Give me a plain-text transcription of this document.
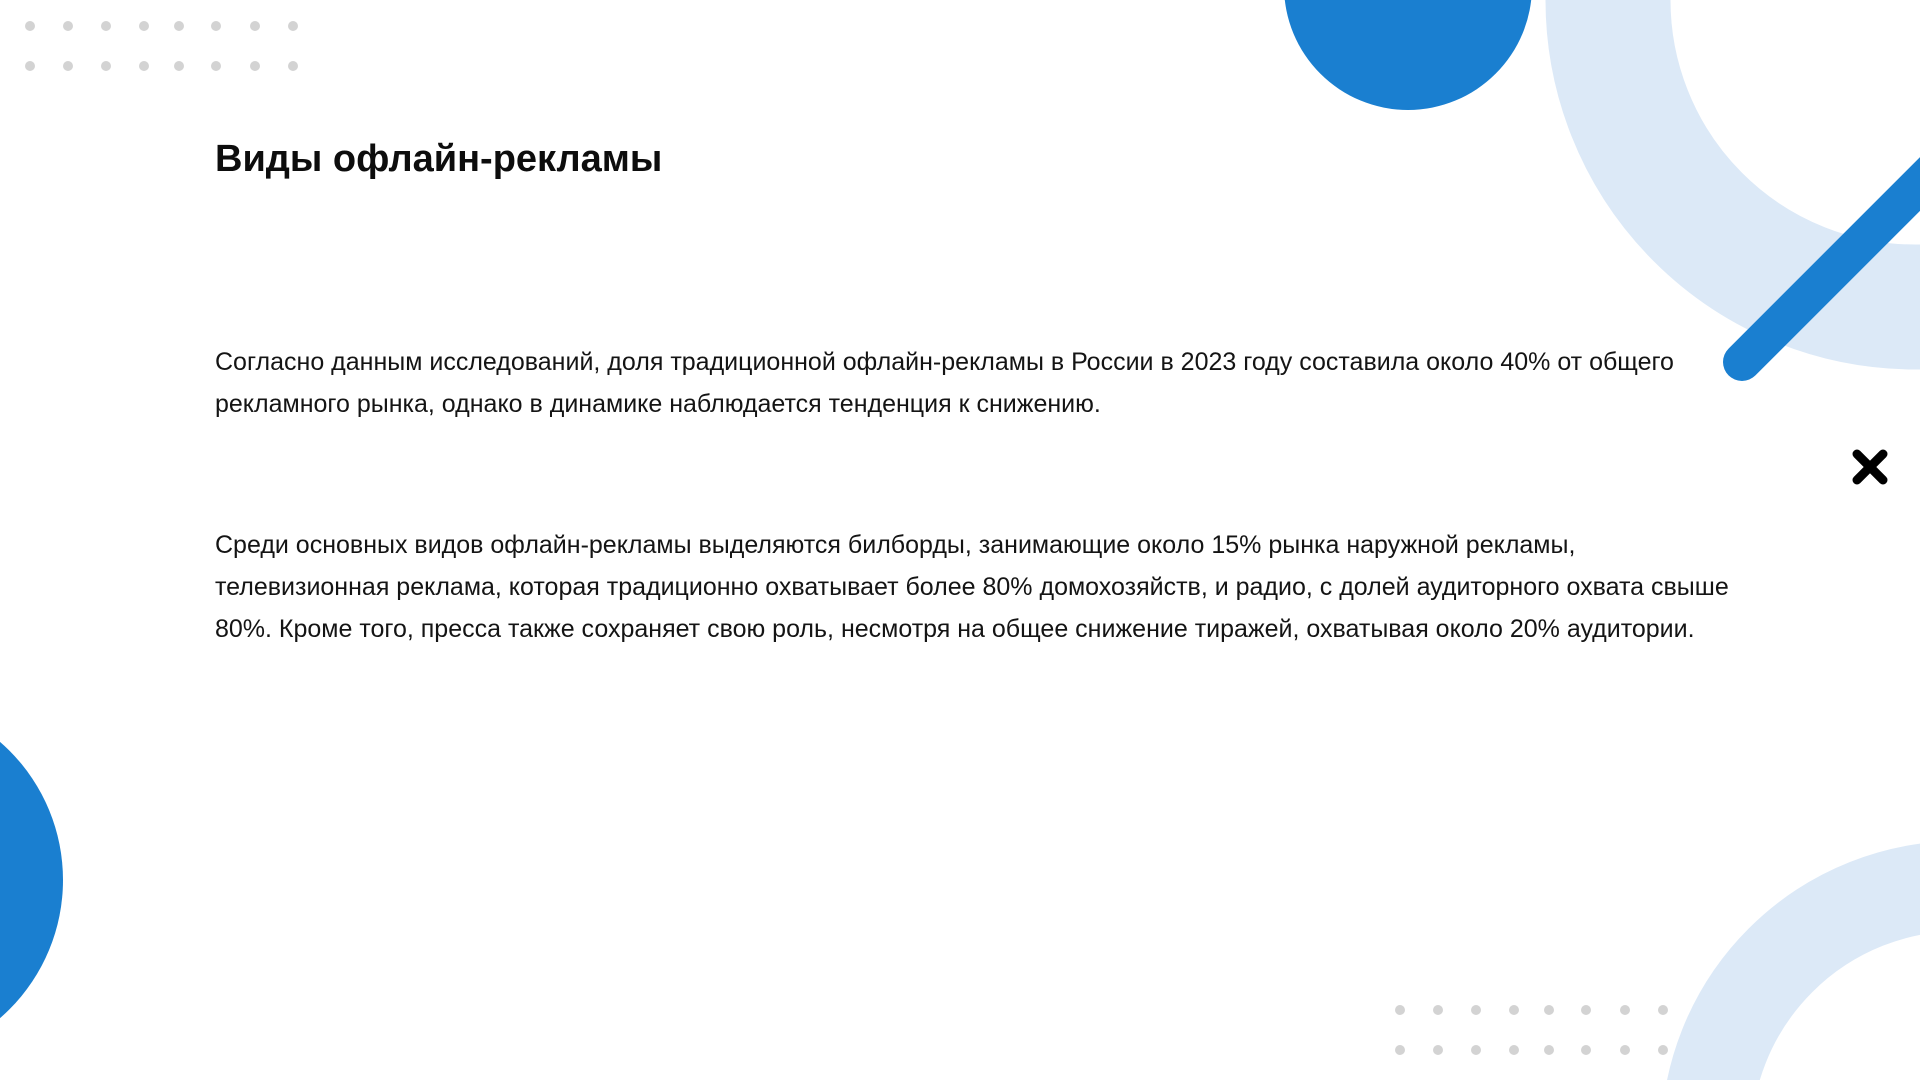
Виды офлайн-рекламы

Согласно данным исследований, доля традиционной офлайн-рекламы в России в 2023 году составила около 40% от общего рекламного рынка, однако в динамике наблюдается тенденция к снижению.

Среди основных видов офлайн-рекламы выделяются билборды, занимающие около 15% рынка наружной рекламы, телевизионная реклама, которая традиционно охватывает более 80% домохозяйств, и радио, с долей аудиторного охвата свыше 80%. Кроме того, пресса также сохраняет свою роль, несмотря на общее снижение тиражей, охватывая около 20% аудитории.
